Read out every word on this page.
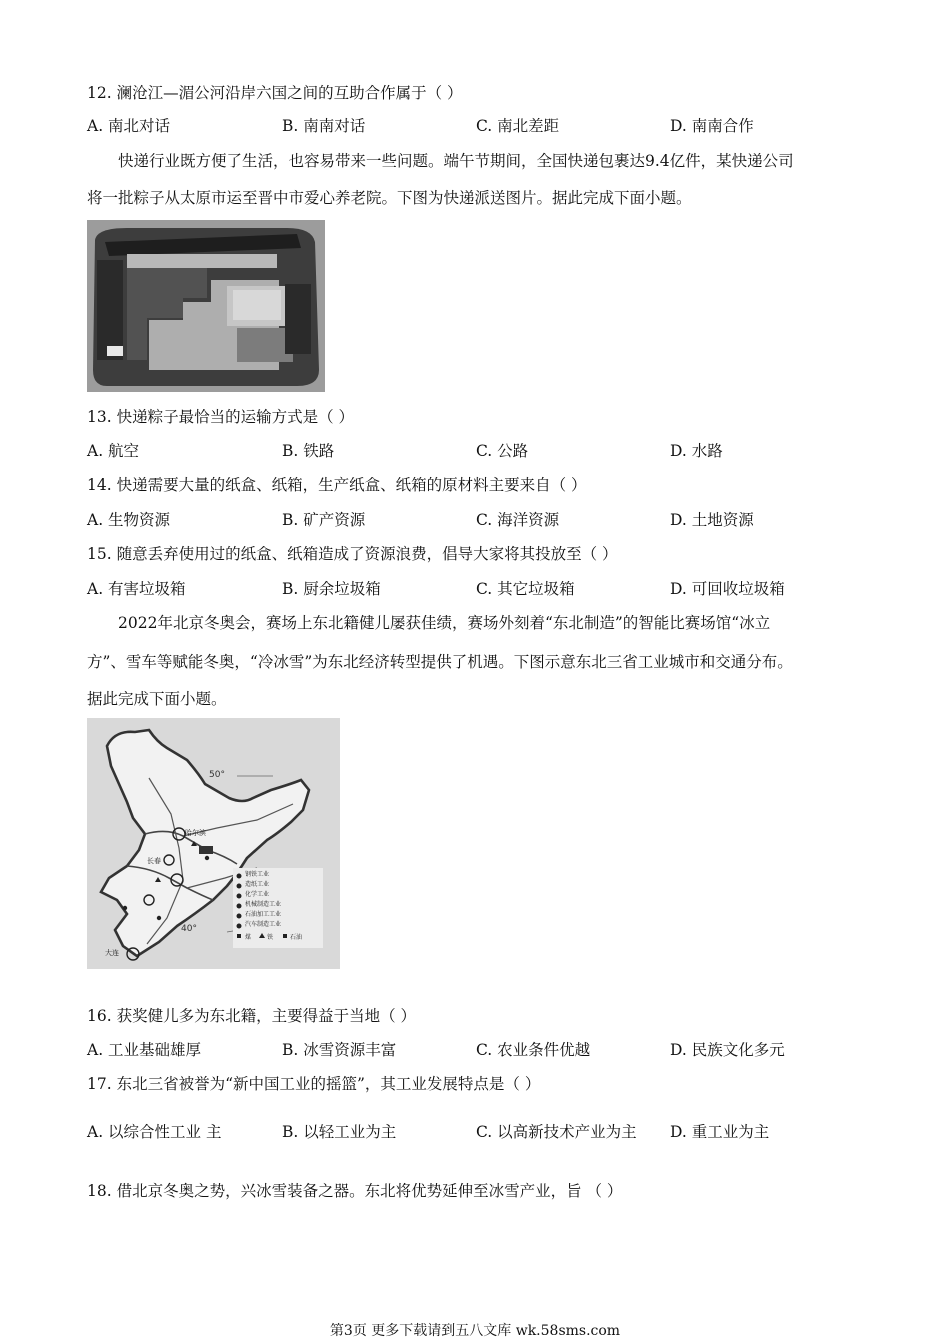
12. 澜沧江—湄公河沿岸六国之间的互助合作属于（ ）
A. 南北对话	B. 南南对话	C. 南北差距	D. 南南合作
快递行业既方便了生活，也容易带来一些问题。端午节期间，全国快递包裹达9.4亿件，某快递公司
将一批粽子从太原市运至晋中市爱心养老院。下图为快递派送图片。据此完成下面小题。
13. 快递粽子最恰当的运输方式是（ ）
A. 航空	B. 铁路	C. 公路	D. 水路
14. 快递需要大量的纸盒、纸箱，生产纸盒、纸箱的原材料主要来自（ ）
A. 生物资源	B. 矿产资源	C. 海洋资源	D. 土地资源
15. 随意丢弃使用过的纸盒、纸箱造成了资源浪费，倡导大家将其投放至（ ）
A. 有害垃圾箱	B. 厨余垃圾箱	C. 其它垃圾箱	D. 可回收垃圾箱
2022年北京冬奥会，赛场上东北籍健儿屡获佳绩，赛场外刻着“东北制造”的智能比赛场馆“冰立
方”、雪车等赋能冬奥，“冷冰雪”为东北经济转型提供了机遇。下图示意东北三省工业城市和交通分布。
据此完成下面小题。
50°
40°
哈尔滨
长春
大连
钢铁工业
造纸工业
化学工业
机械制造工业
石油加工工业
汽车制造工业
煤	铁	石油
16. 获奖健儿多为东北籍，主要得益于当地（ ）
A. 工业基础雄厚	B. 冰雪资源丰富	C. 农业条件优越	D. 民族文化多元
17. 东北三省被誉为“新中国工业的摇篮”，其工业发展特点是（ ）
A. 以综合性工业 主	B. 以轻工业为主	C. 以高新技术产业为主 D. 重工业为主
18. 借北京冬奥之势，兴冰雪装备之器。东北将优势延伸至冰雪产业，旨 （ ）
第3页 更多下载请到五八文库 wk.58sms.com
